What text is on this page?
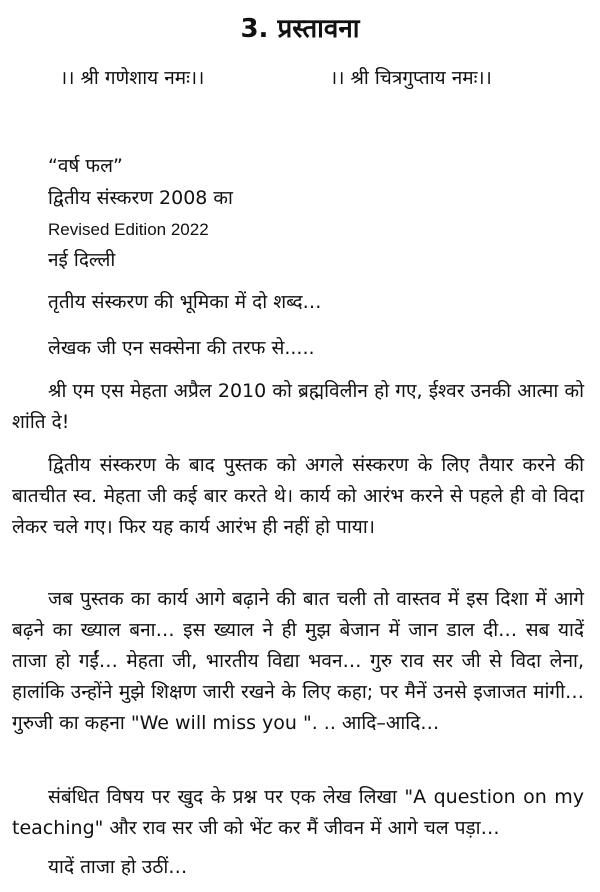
3. प्रस्तावना
।। श्री गणेशाय नमः।।	।। श्री चित्रगुप्ताय नमः।।
“वर्ष फल”
द्वितीय संस्करण 2008 का
Revised Edition 2022
नई दिल्ली
तृतीय संस्करण की भूमिका में दो शब्द…
लेखक जी एन सक्सेना की तरफ से.....

श्री एम एस मेहता अप्रैल 2010 को ब्रह्मविलीन हो गए, ईश्वर उनकी आत्मा को शांति दे!

द्वितीय संस्करण के बाद पुस्तक को अगले संस्करण के लिए तैयार करने की बातचीत स्व. मेहता जी कई बार करते थे। कार्य को आरंभ करने से पहले ही वो विदा लेकर चले गए। फिर यह कार्य आरंभ ही नहीं हो पाया।

जब पुस्तक का कार्य आगे बढ़ाने की बात चली तो वास्तव में इस दिशा में आगे बढ़ने का ख्याल बना… इस ख्याल ने ही मुझ बेजान में जान डाल दी… सब यादें ताजा हो गईं… मेहता जी, भारतीय विद्या भवन… गुरु राव सर जी से विदा लेना, हालांकि उन्होंने मुझे शिक्षण जारी रखने के लिए कहा; पर मैनें उनसे इजाजत मांगी… गुरुजी का कहना "We will miss you ". .. आदि–आदि…

संबंधित विषय पर खुद के प्रश्न पर एक लेख लिखा "A question on my teaching" और राव सर जी को भेंट कर मैं जीवन में आगे चल पड़ा…

यादें ताजा हो उठीं…
